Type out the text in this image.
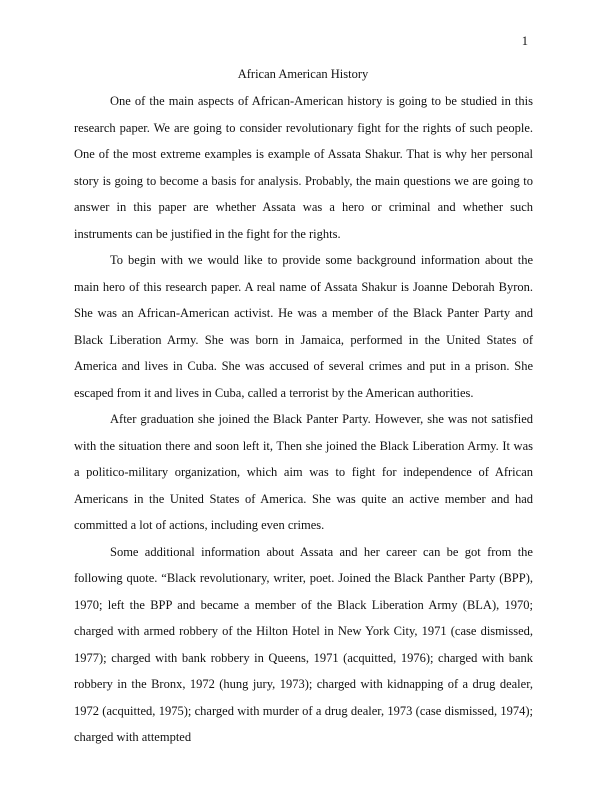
1
African American History

One of the main aspects of African-American history is going to be studied in this research paper. We are going to consider revolutionary fight for the rights of such people. One of the most extreme examples is example of Assata Shakur. That is why her personal story is going to become a basis for analysis. Probably, the main questions we are going to answer in this paper are whether Assata was a hero or criminal and whether such instruments can be justified in the fight for the rights.

To begin with we would like to provide some background information about the main hero of this research paper. A real name of Assata Shakur is Joanne Deborah Byron. She was an African-American activist. He was a member of the Black Panter Party and Black Liberation Army. She was born in Jamaica, performed in the United States of America and lives in Cuba. She was accused of several crimes and put in a prison. She escaped from it and lives in Cuba, called a terrorist by the American authorities.

After graduation she joined the Black Panter Party. However, she was not satisfied with the situation there and soon left it, Then she joined the Black Liberation Army. It was a politico-military organization, which aim was to fight for independence of African Americans in the United States of America. She was quite an active member and had committed a lot of actions, including even crimes.

Some additional information about Assata and her career can be got from the following quote. “Black revolutionary, writer, poet. Joined the Black Panther Party (BPP), 1970; left the BPP and became a member of the Black Liberation Army (BLA), 1970; charged with armed robbery of the Hilton Hotel in New York City, 1971 (case dismissed, 1977); charged with bank robbery in Queens, 1971 (acquitted, 1976); charged with bank robbery in the Bronx, 1972 (hung jury, 1973); charged with kidnapping of a drug dealer, 1972 (acquitted, 1975); charged with murder of a drug dealer, 1973 (case dismissed, 1974); charged with attempted
